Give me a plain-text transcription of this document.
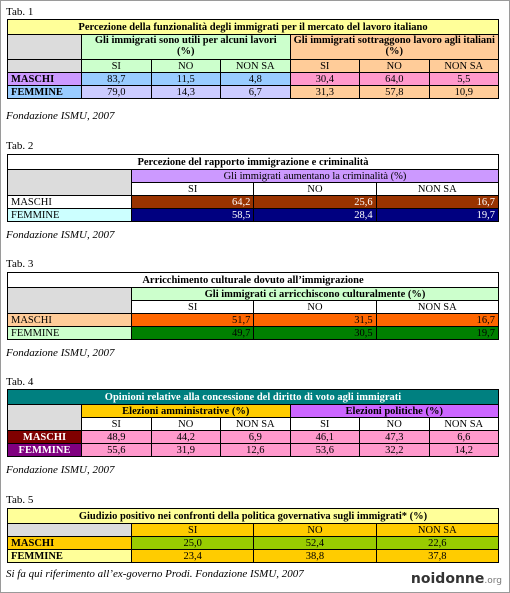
Tab. 1
Percezione della funzionalità degli immigrati per il mercato del lavoro italiano						
	Gli immigrati sono utili per alcuni lavori (%)			Gli immigrati sottraggono lavoro agli italiani (%)		
	SI	NO	NON SA	SI	NO	NON SA
MASCHI	83,7	11,5	4,8	30,4	64,0	5,5
FEMMINE	79,0	14,3	6,7	31,3	57,8	10,9
Fondazione ISMU, 2007
Tab. 2
Percezione del rapporto immigrazione e criminalità			
	Gli immigrati aumentano la criminalità (%)		
	SI	NO	NON SA
MASCHI	64,2	25,6	16,7
FEMMINE	58,5	28,4	19,7
Fondazione ISMU, 2007
Tab. 3
Arricchimento culturale dovuto all’immigrazione			
	Gli immigrati ci arricchiscono culturalmente (%)		
	SI	NO	NON SA
MASCHI	51,7	31,5	16,7
FEMMINE	49,7	30,5	19,7
Fondazione ISMU, 2007
Tab. 4
Opinioni relative alla concessione del diritto di voto agli immigrati						
	Elezioni amministrative (%)			Elezioni politiche (%)		
	SI	NO	NON SA	SI	NO	NON SA
MASCHI	48,9	44,2	6,9	46,1	47,3	6,6
FEMMINE	55,6	31,9	12,6	53,6	32,2	14,2
Fondazione ISMU, 2007
Tab. 5
Giudizio positivo nei confronti della politica governativa sugli immigrati* (%)			
	SI	NO	NON SA
MASCHI	25,0	52,4	22,6
FEMMINE	23,4	38,8	37,8
Si fa qui riferimento all’ex-governo Prodi. Fondazione ISMU, 2007	noidonne.org
